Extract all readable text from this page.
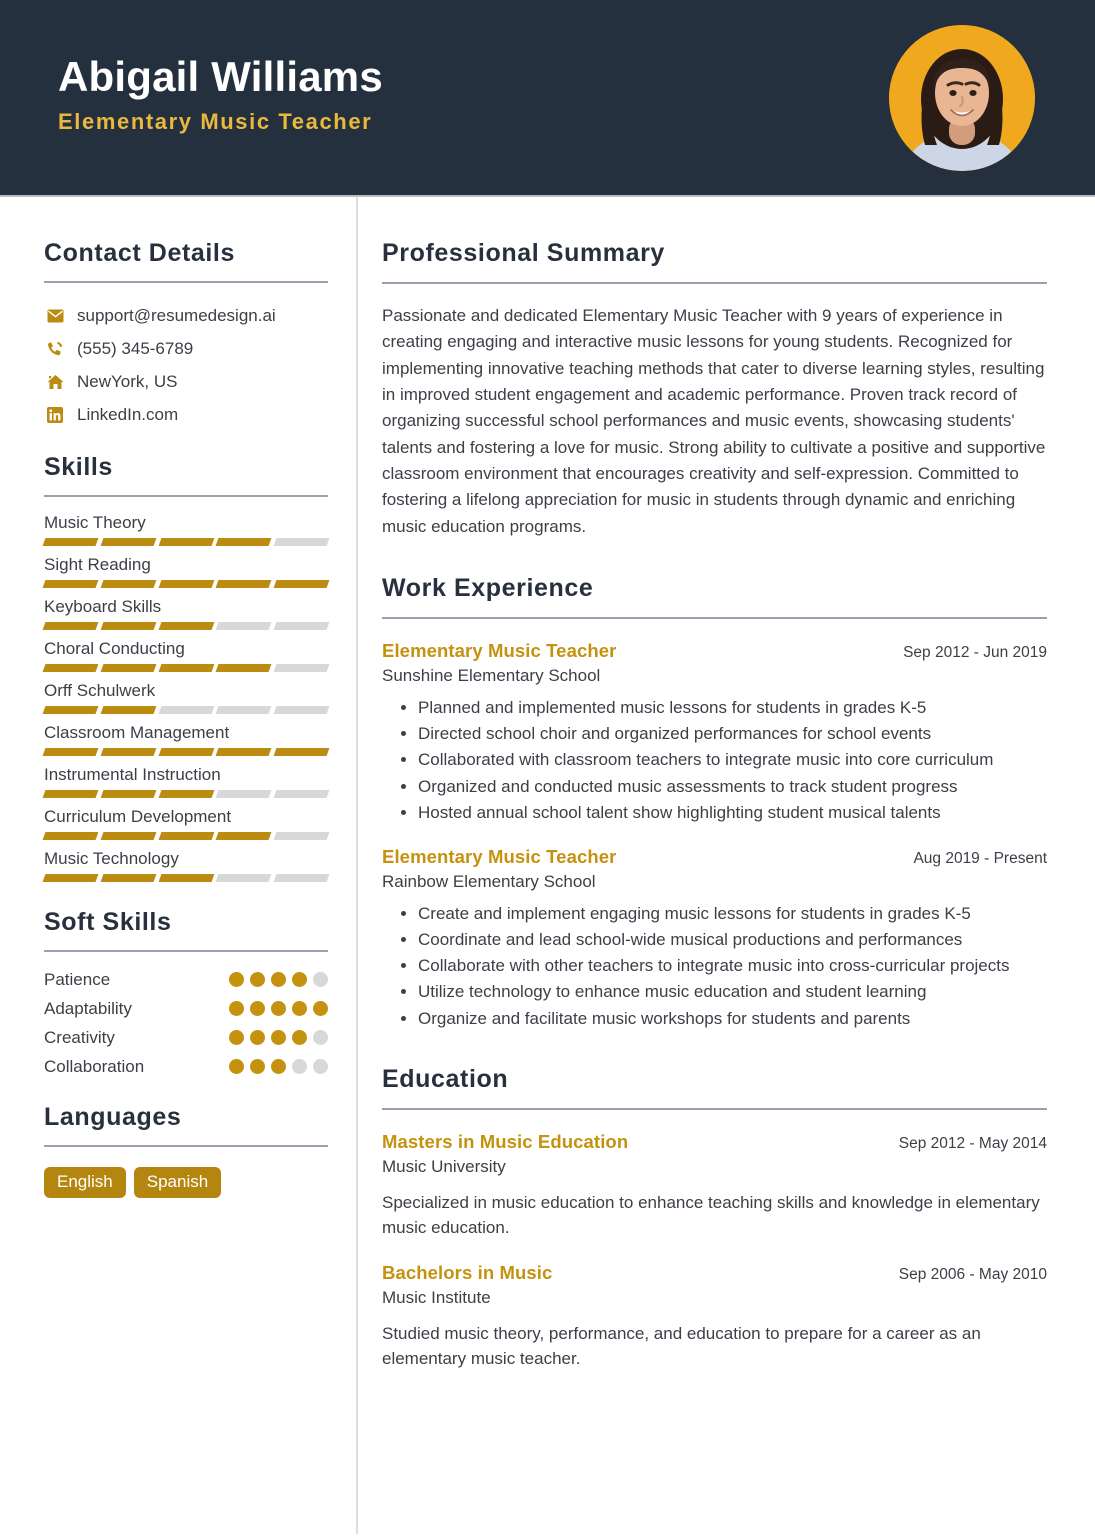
Abigail Williams
Elementary Music Teacher
Contact Details
support@resumedesign.ai
(555) 345-6789
NewYork, US
LinkedIn.com
Skills
Music Theory
Sight Reading
Keyboard Skills
Choral Conducting
Orff Schulwerk
Classroom Management
Instrumental Instruction
Curriculum Development
Music Technology
Soft Skills
Patience
Adaptability
Creativity
Collaboration
Languages
English	Spanish
Professional Summary

Passionate and dedicated Elementary Music Teacher with 9 years of experience in creating engaging and interactive music lessons for young students. Recognized for implementing innovative teaching methods that cater to diverse learning styles, resulting in improved student engagement and academic performance. Proven track record of organizing successful school performances and music events, showcasing students' talents and fostering a love for music. Strong ability to cultivate a positive and supportive classroom environment that encourages creativity and self-expression. Committed to fostering a lifelong appreciation for music in students through dynamic and enriching music education programs.

Work Experience
Elementary Music Teacher	Sep 2012 - Jun 2019
Sunshine Elementary School
• Planned and implemented music lessons for students in grades K-5
• Directed school choir and organized performances for school events
• Collaborated with classroom teachers to integrate music into core curriculum
• Organized and conducted music assessments to track student progress
• Hosted annual school talent show highlighting student musical talents
Elementary Music Teacher	Aug 2019 - Present
Rainbow Elementary School
• Create and implement engaging music lessons for students in grades K-5
• Coordinate and lead school-wide musical productions and performances
• Collaborate with other teachers to integrate music into cross-curricular projects
• Utilize technology to enhance music education and student learning
• Organize and facilitate music workshops for students and parents
Education
Masters in Music Education	Sep 2012 - May 2014
Music University
Specialized in music education to enhance teaching skills and knowledge in elementary music education.
Bachelors in Music	Sep 2006 - May 2010
Music Institute
Studied music theory, performance, and education to prepare for a career as an elementary music teacher.
